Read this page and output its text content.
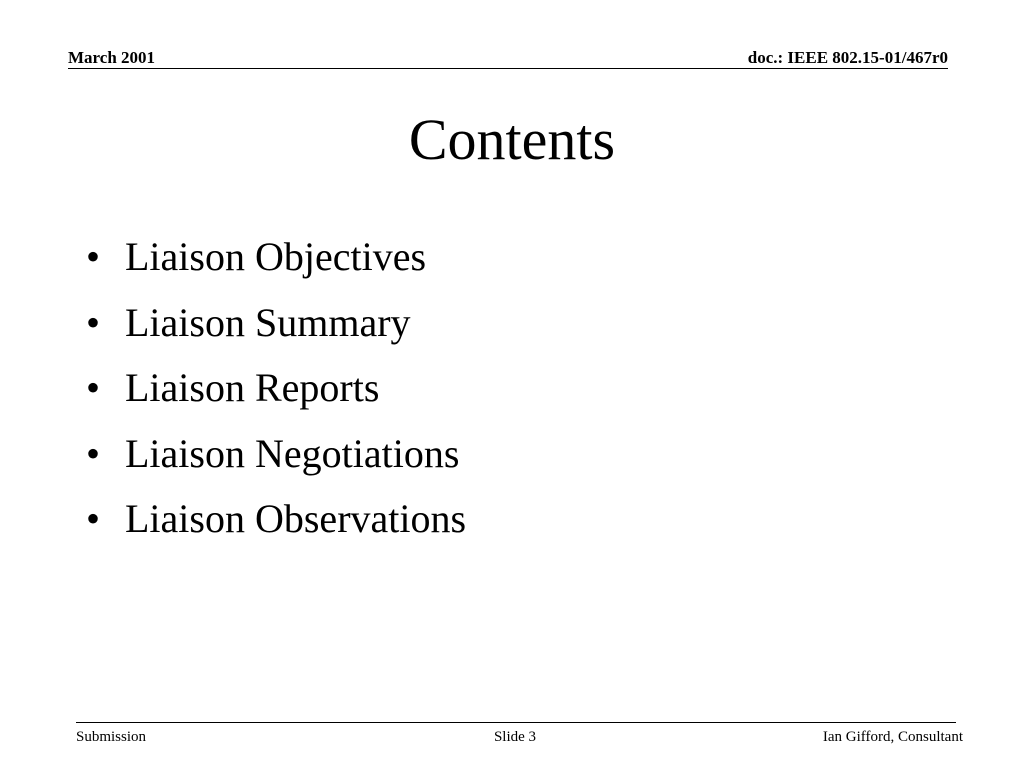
March 2001	doc.: IEEE 802.15-01/467r0
Contents
• Liaison Objectives
• Liaison Summary
• Liaison Reports
• Liaison Negotiations
• Liaison Observations
Submission	Slide 3	Ian Gifford, Consultant
